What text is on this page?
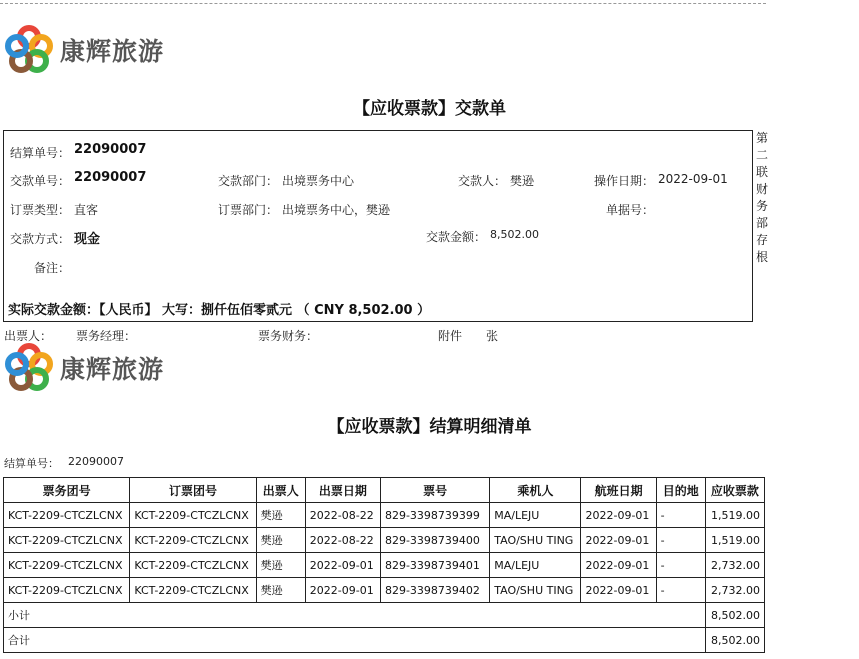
康辉旅游
【应收票款】交款单
结算单号： 22090007
交款单号： 22090007	交款部门： 出境票务中心	交款人： 樊逊	操作日期： 2022-09-01
订票类型： 直客	订票部门： 出境票务中心，樊逊	单据号：
交款方式： 现金	交款金额： 8,502.00
备注：
实际交款金额：【人民币】 大写：捌仟伍佰零贰元 （ CNY 8,502.00 ）
第二联财务部存根
出票人： 票务经理：	票务财务：	附件 张
康辉旅游
【应收票款】结算明细清单
结算单号： 22090007
票务团号	订票团号	出票人	出票日期	票号	乘机人	航班日期	目的地	应收票款
KCT-2209-CTCZLCNX	KCT-2209-CTCZLCNX	樊逊	2022-08-22	829-3398739399	MA/LEJU	2022-09-01	-	1,519.00
KCT-2209-CTCZLCNX	KCT-2209-CTCZLCNX	樊逊	2022-08-22	829-3398739400	TAO/SHU TING	2022-09-01	-	1,519.00
KCT-2209-CTCZLCNX	KCT-2209-CTCZLCNX	樊逊	2022-09-01	829-3398739401	MA/LEJU	2022-09-01	-	2,732.00
KCT-2209-CTCZLCNX	KCT-2209-CTCZLCNX	樊逊	2022-09-01	829-3398739402	TAO/SHU TING	2022-09-01	-	2,732.00
小计								8,502.00
合计								8,502.00
